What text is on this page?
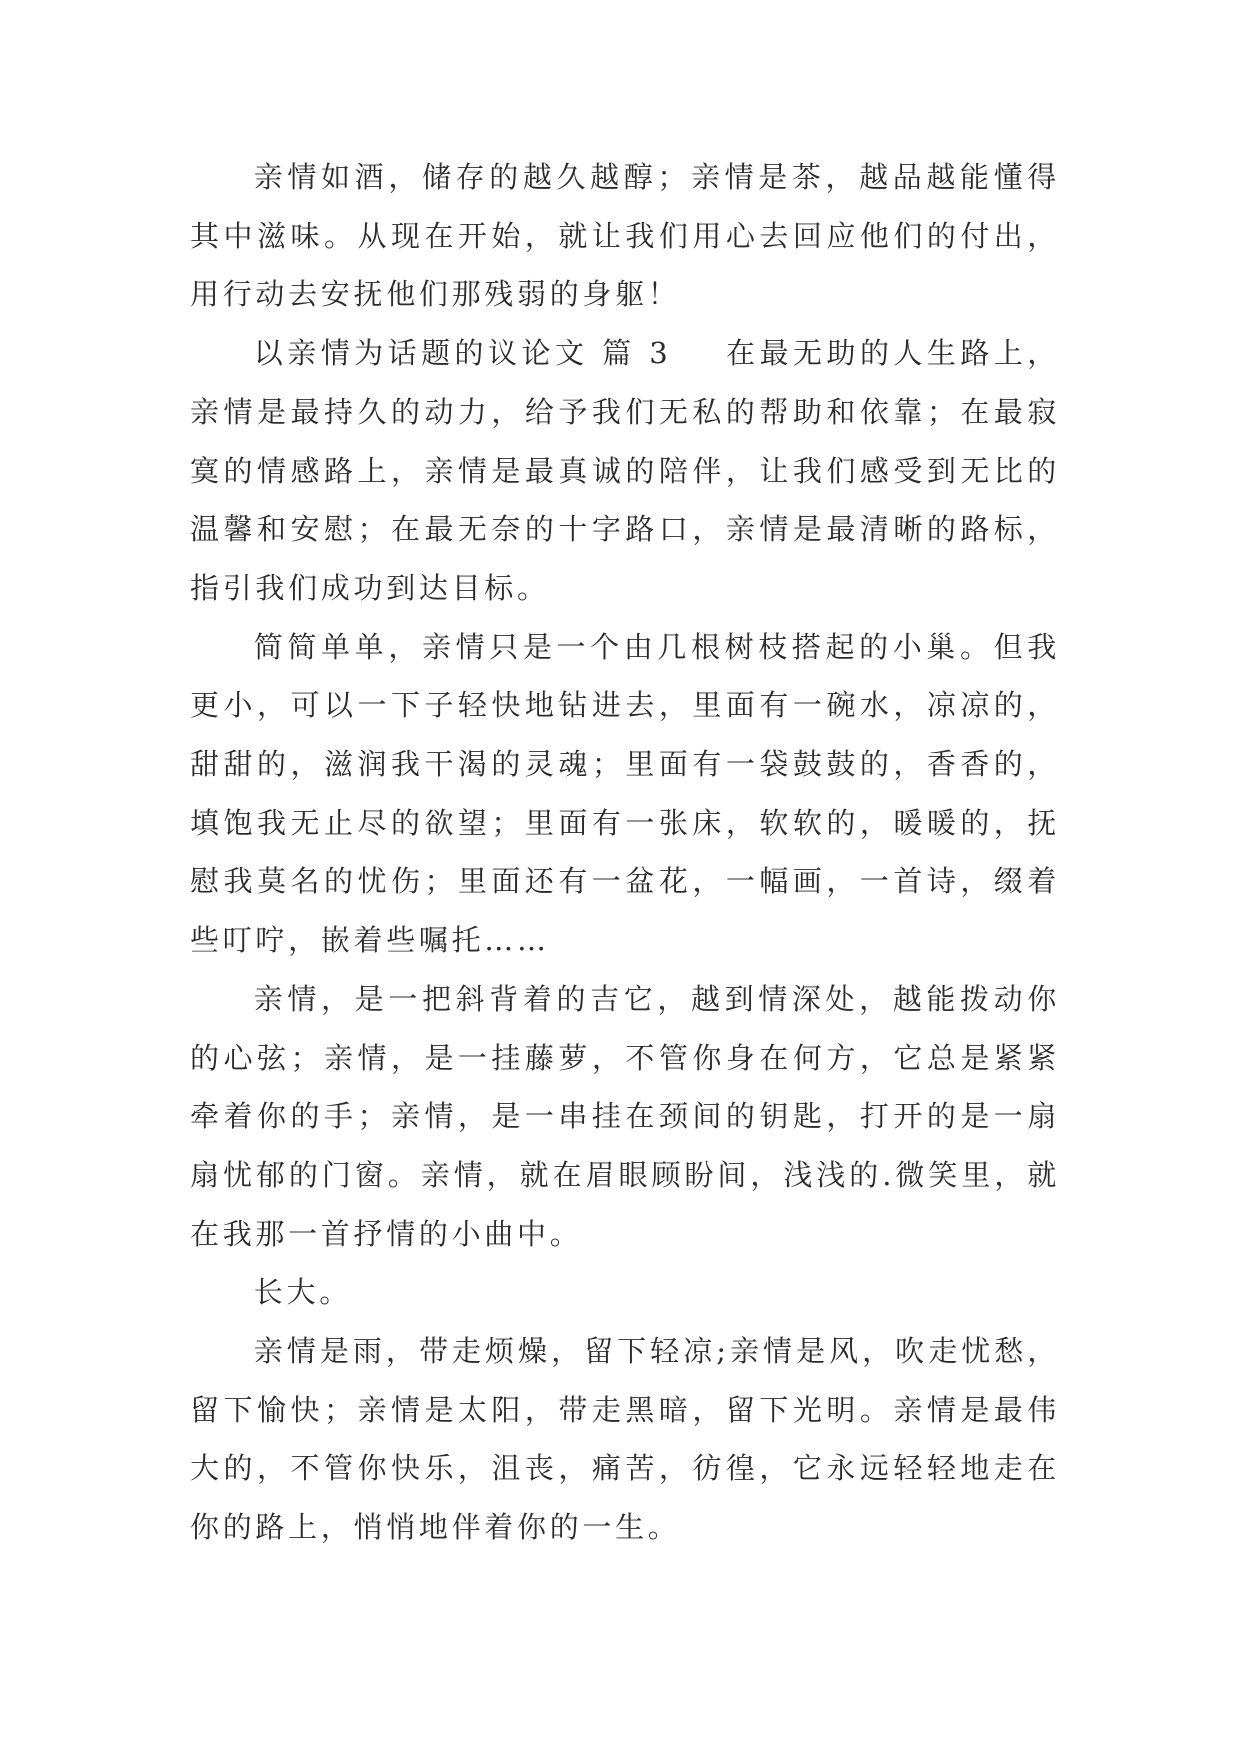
亲情如酒，储存的越久越醇；亲情是茶，越品越能懂得其中滋味。从现在开始，就让我们用心去回应他们的付出，用行动去安抚他们那残弱的身躯！

以亲情为话题的议论文 篇 3 在最无助的人生路上，亲情是最持久的动力，给予我们无私的帮助和依靠；在最寂寞的情感路上，亲情是最真诚的陪伴，让我们感受到无比的温馨和安慰；在最无奈的十字路口，亲情是最清晰的路标，指引我们成功到达目标。

简简单单，亲情只是一个由几根树枝搭起的小巢。但我更小，可以一下子轻快地钻进去，里面有一碗水，凉凉的，甜甜的，滋润我干渴的灵魂；里面有一袋鼓鼓的，香香的，填饱我无止尽的欲望；里面有一张床，软软的，暖暖的，抚慰我莫名的忧伤；里面还有一盆花，一幅画，一首诗，缀着些叮咛，嵌着些嘱托……

亲情，是一把斜背着的吉它，越到情深处，越能拨动你的心弦；亲情，是一挂藤萝，不管你身在何方，它总是紧紧牵着你的手；亲情，是一串挂在颈间的钥匙，打开的是一扇扇忧郁的门窗。亲情，就在眉眼顾盼间，浅浅的.微笑里，就在我那一首抒情的小曲中。

长大。

亲情是雨，带走烦燥，留下轻凉;亲情是风，吹走忧愁，留下愉快；亲情是太阳，带走黑暗，留下光明。亲情是最伟大的，不管你快乐，沮丧，痛苦，彷徨，它永远轻轻地走在你的路上，悄悄地伴着你的一生。
